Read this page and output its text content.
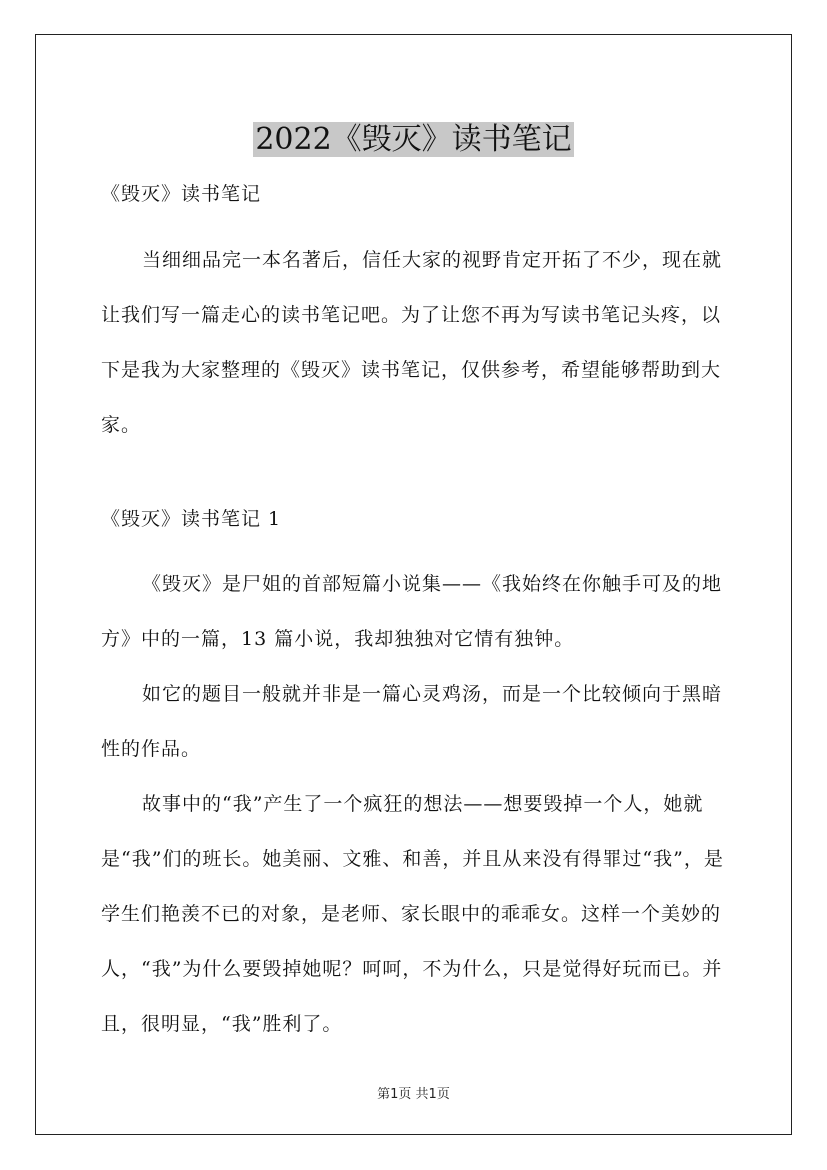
2022《毁灭》读书笔记
《毁灭》读书笔记
当细细品完一本名著后，信任大家的视野肯定开拓了不少，现在就让我们写一篇走心的读书笔记吧。为了让您不再为写读书笔记头疼，以下是我为大家整理的《毁灭》读书笔记，仅供参考，希望能够帮助到大家。
《毁灭》读书笔记 1

《毁灭》是尸姐的首部短篇小说集——《我始终在你触手可及的地方》中的一篇，13 篇小说，我却独独对它情有独钟。

如它的题目一般就并非是一篇心灵鸡汤，而是一个比较倾向于黑暗性的作品。

故事中的“我”产生了一个疯狂的想法——想要毁掉一个人，她就是“我”们的班长。她美丽、文雅、和善，并且从来没有得罪过“我”，是学生们艳羡不已的对象，是老师、家长眼中的乖乖女。这样一个美妙的人，“我”为什么要毁掉她呢？呵呵，不为什么，只是觉得好玩而已。并且，很明显，“我”胜利了。

第1页 共1页
